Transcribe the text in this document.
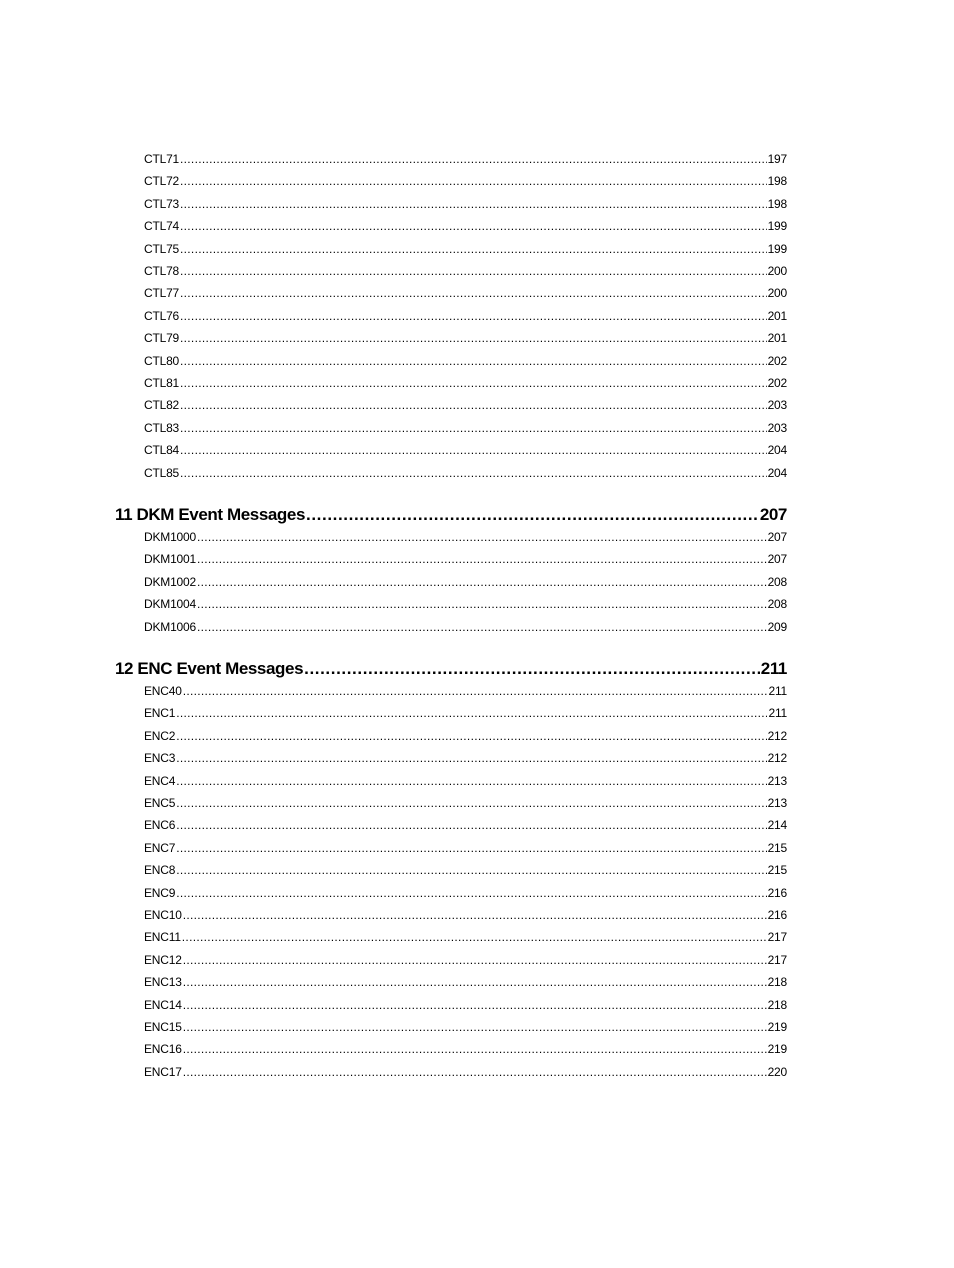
CTL71 .....	197
CTL72 .....	198
CTL73 .....	198
CTL74 .....	199
CTL75 .....	199
CTL78 .....	200
CTL77 .....	200
CTL76 .....	201
CTL79 .....	201
CTL80 .....	202
CTL81 .....	202
CTL82 .....	203
CTL83 .....	203
CTL84 .....	204
CTL85 .....	204
11 DKM Event Messages .....	207
DKM1000 .....	207
DKM1001 .....	207
DKM1002 .....	208
DKM1004 .....	208
DKM1006 .....	209
12 ENC Event Messages .....	211
ENC40 .....	211
ENC1 .....	211
ENC2 .....	212
ENC3 .....	212
ENC4 .....	213
ENC5 .....	213
ENC6 .....	214
ENC7 .....	215
ENC8 .....	215
ENC9 .....	216
ENC10 .....	216
ENC11 .....	217
ENC12 .....	217
ENC13 .....	218
ENC14 .....	218
ENC15 .....	219
ENC16 .....	219
ENC17 .....	220
